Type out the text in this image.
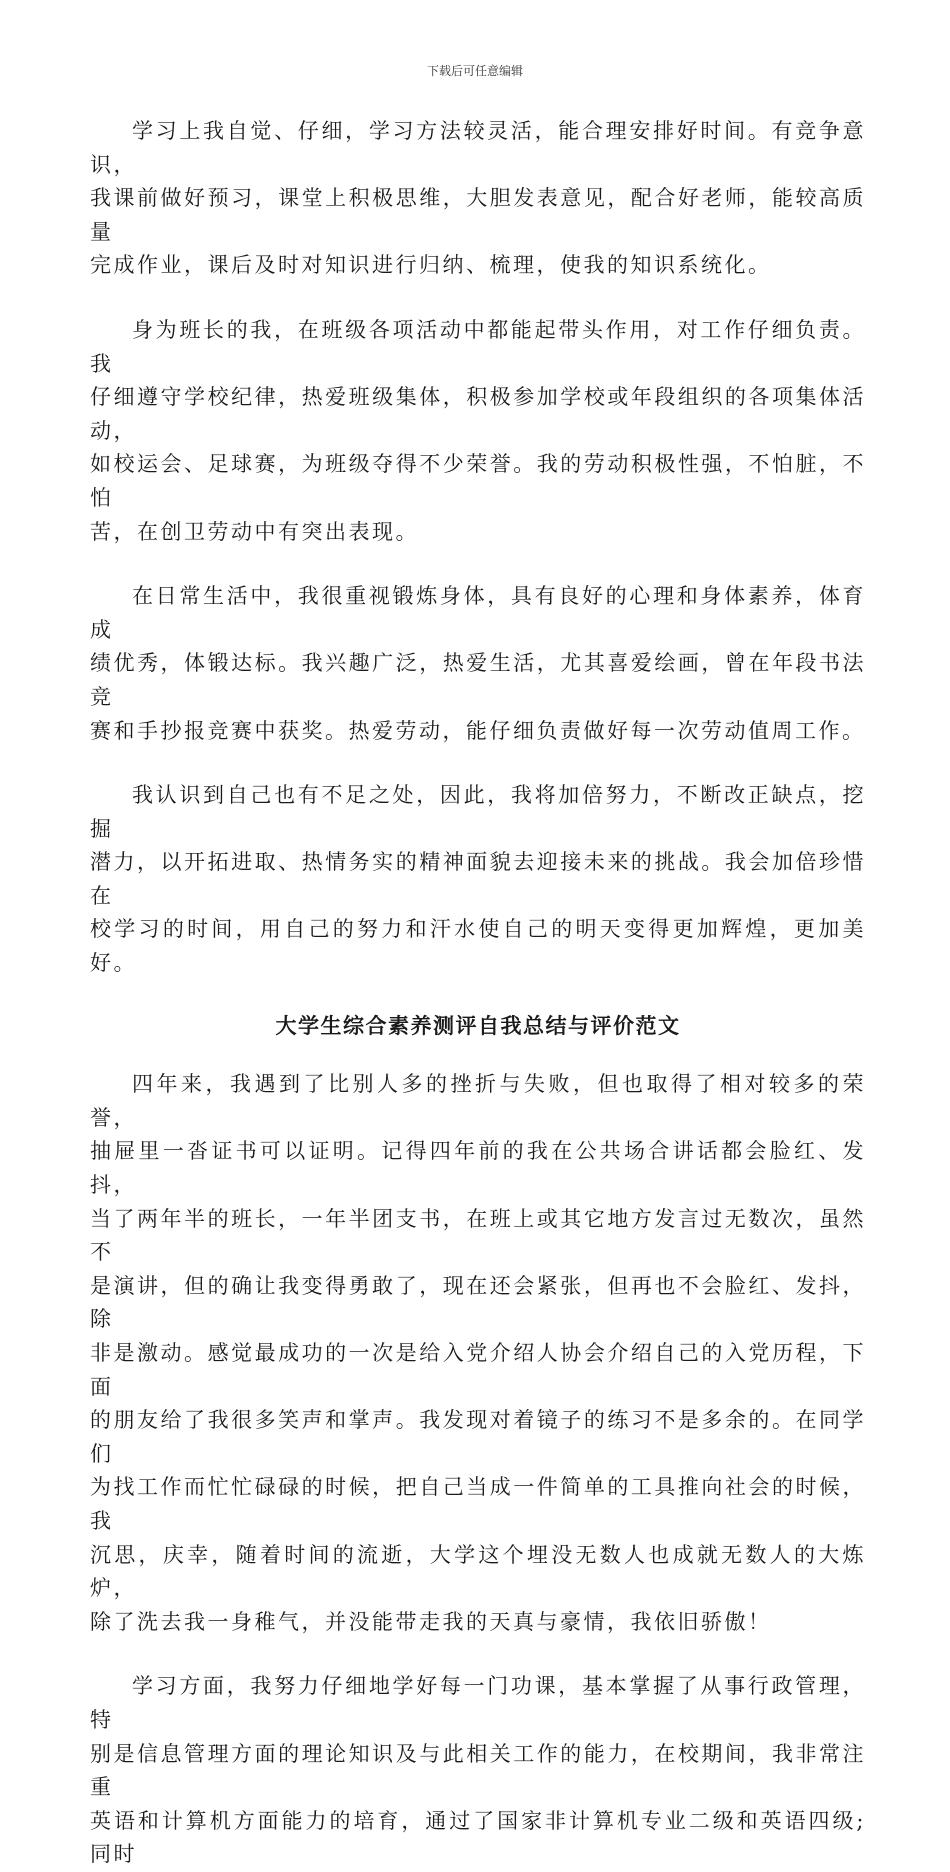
下载后可任意编辑

学习上我自觉、仔细，学习方法较灵活，能合理安排好时间。有竞争意识，
我课前做好预习，课堂上积极思维，大胆发表意见，配合好老师，能较高质量
完成作业，课后及时对知识进行归纳、梳理，使我的知识系统化。

身为班长的我，在班级各项活动中都能起带头作用，对工作仔细负责。我
仔细遵守学校纪律，热爱班级集体，积极参加学校或年段组织的各项集体活动，
如校运会、足球赛，为班级夺得不少荣誉。我的劳动积极性强，不怕脏，不怕
苦，在创卫劳动中有突出表现。

在日常生活中，我很重视锻炼身体，具有良好的心理和身体素养，体育成
绩优秀，体锻达标。我兴趣广泛，热爱生活，尤其喜爱绘画，曾在年段书法竞
赛和手抄报竞赛中获奖。热爱劳动，能仔细负责做好每一次劳动值周工作。

我认识到自己也有不足之处，因此，我将加倍努力，不断改正缺点，挖掘
潜力，以开拓进取、热情务实的精神面貌去迎接未来的挑战。我会加倍珍惜在
校学习的时间，用自己的努力和汗水使自己的明天变得更加辉煌，更加美好。

大学生综合素养测评自我总结与评价范文

四年来，我遇到了比别人多的挫折与失败，但也取得了相对较多的荣誉，
抽屉里一沓证书可以证明。记得四年前的我在公共场合讲话都会脸红、发抖，
当了两年半的班长，一年半团支书，在班上或其它地方发言过无数次，虽然不
是演讲，但的确让我变得勇敢了，现在还会紧张，但再也不会脸红、发抖，除
非是激动。感觉最成功的一次是给入党介绍人协会介绍自己的入党历程，下面
的朋友给了我很多笑声和掌声。我发现对着镜子的练习不是多余的。在同学们
为找工作而忙忙碌碌的时候，把自己当成一件简单的工具推向社会的时候，我
沉思，庆幸，随着时间的流逝，大学这个埋没无数人也成就无数人的大炼炉，
除了洗去我一身稚气，并没能带走我的天真与豪情，我依旧骄傲！

学习方面，我努力仔细地学好每一门功课，基本掌握了从事行政管理，特
别是信息管理方面的理论知识及与此相关工作的能力，在校期间，我非常注重
英语和计算机方面能力的培育，通过了国家非计算机专业二级和英语四级;同时
